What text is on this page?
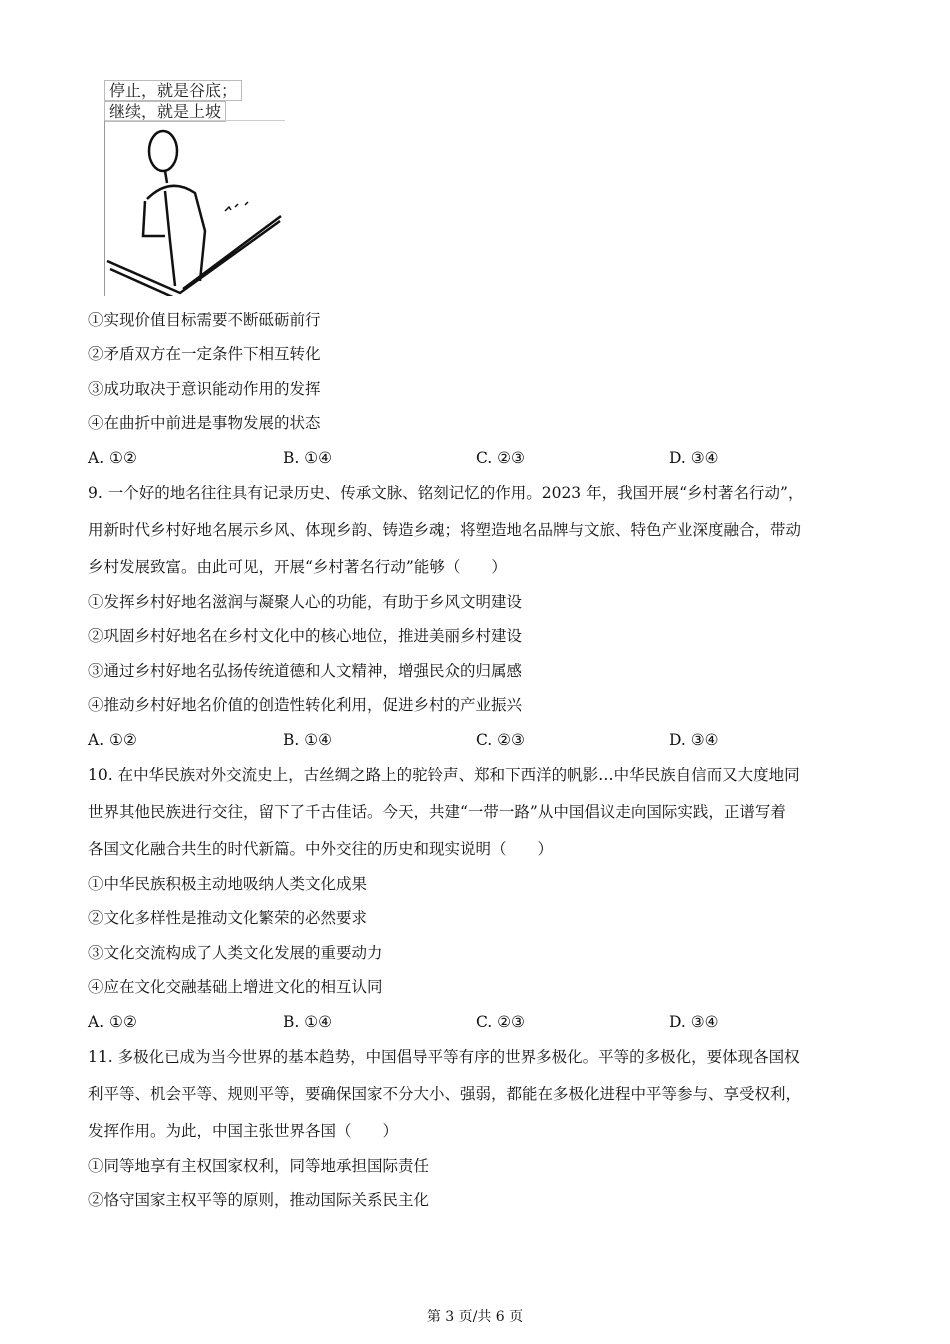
停止，就是谷底；
继续，就是上坡
①实现价值目标需要不断砥砺前行
②矛盾双方在一定条件下相互转化
③成功取决于意识能动作用的发挥
④在曲折中前进是事物发展的状态
A. ①②	B. ①④	C. ②③	D. ③④
9. 一个好的地名往往具有记录历史、传承文脉、铭刻记忆的作用。2023 年，我国开展“乡村著名行动”，
用新时代乡村好地名展示乡风、体现乡韵、铸造乡魂；将塑造地名品牌与文旅、特色产业深度融合，带动
乡村发展致富。由此可见，开展“乡村著名行动”能够（　　）
①发挥乡村好地名滋润与凝聚人心的功能，有助于乡风文明建设
②巩固乡村好地名在乡村文化中的核心地位，推进美丽乡村建设
③通过乡村好地名弘扬传统道德和人文精神，增强民众的归属感
④推动乡村好地名价值的创造性转化利用，促进乡村的产业振兴
A. ①②	B. ①④	C. ②③	D. ③④
10. 在中华民族对外交流史上，古丝绸之路上的驼铃声、郑和下西洋的帆影…中华民族自信而又大度地同
世界其他民族进行交往，留下了千古佳话。今天，共建“一带一路”从中国倡议走向国际实践，正谱写着
各国文化融合共生的时代新篇。中外交往的历史和现实说明（　　）
①中华民族积极主动地吸纳人类文化成果
②文化多样性是推动文化繁荣的必然要求
③文化交流构成了人类文化发展的重要动力
④应在文化交融基础上增进文化的相互认同
A. ①②	B. ①④	C. ②③	D. ③④
11. 多极化已成为当今世界的基本趋势，中国倡导平等有序的世界多极化。平等的多极化，要体现各国权
利平等、机会平等、规则平等，要确保国家不分大小、强弱，都能在多极化进程中平等参与、享受权利，
发挥作用。为此，中国主张世界各国（　　）
①同等地享有主权国家权利，同等地承担国际责任
②恪守国家主权平等的原则，推动国际关系民主化
第 3 页/共 6 页
